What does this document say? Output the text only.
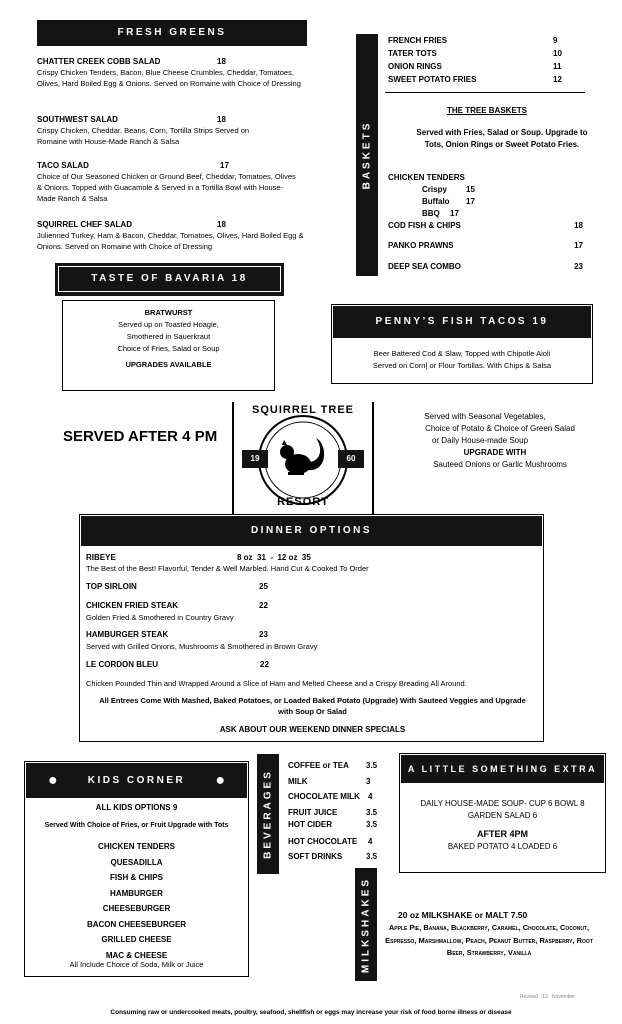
FRESH GREENS
CHATTER CREEK COBB SALAD	18
Crispy Chicken Tenders, Bacon, Blue Cheese Crumbles, Cheddar, Tomatoes, Olives, Hard Boiled Egg & Onions. Served on Romaine with Choice of Dressing
SOUTHWEST SALAD	18
Crispy Chicken, Cheddar, Beans, Corn, Tortilla Strips Served on Romaine with House-Made Ranch & Salsa
TACO SALAD	17
Choice of Our Seasoned Chicken or Ground Beef, Cheddar, Tomatoes, Olives & Onions. Topped with Guacamole & Served in a Tortilla Bowl with House-Made Ranch & Salsa
SQUIRREL CHEF SALAD	18
Julienned Turkey, Ham & Bacon, Cheddar, Tomatoes, Olives, Hard Boiled Egg & Onions. Served on Romaine with Choice of Dressing
FRENCH FRIES	9
TATER TOTS	10
ONION RINGS	11
SWEET POTATO FRIES	12
BASKETS
THE TREE BASKETS
Served with Fries, Salad or Soup. Upgrade to Tots, Onion Rings or Sweet Potato Fries.
CHICKEN TENDERS
Crispy 15
Buffalo 17
BBQ 17
COD FISH & CHIPS	18
PANKO PRAWNS	17
DEEP SEA COMBO	23
TASTE OF BAVARIA 18
BRATWURST
Served up on Toasted Hoagie,
Smothered in Sauerkraut
Choice of Fries, Salad or Soup
UPGRADES AVAILABLE
PENNY’S FISH TACOS 19
Beer Battered Cod & Slaw, Topped with Chipotle Aioli
Served on Corn| or Flour Tortillas. With Chips & Salsa
SERVED AFTER 4 PM
SQUIRREL TREE
RESORT
19	60
Served with Seasonal Vegetables,
Choice of Potato & Choice of Green Salad
or Daily House-made Soup
UPGRADE WITH
Sauteed Onions or Garlic Mushrooms
DINNER OPTIONS
RIBEYE	8 oz  31  -  12 oz  35
The Best of the Best! Flavorful, Tender & Well Marbled. Hand Cut & Cooked To Order
TOP SIRLOIN	25
CHICKEN FRIED STEAK	22
Golden Fried & Smothered in Country Gravy
HAMBURGER STEAK	23
Served with Grilled Onions, Mushrooms & Smothered in Brown Gravy
LE CORDON BLEU	22
Chicken Pounded Thin and Wrapped Around a Slice of Ham and Melted Cheese and a Crispy Breading All Around.
All Entrees Come With Mashed, Baked Potatoes, or Loaded Baked Potato (Upgrade) With Sauteed Veggies and Upgrade with Soup Or Salad
ASK ABOUT OUR WEEKEND DINNER SPECIALS
●	KIDS CORNER ●
ALL KIDS OPTIONS 9
Served With Choice of Fries, or Fruit Upgrade with Tots
CHICKEN TENDERS
QUESADILLA
FISH & CHIPS
HAMBURGER
CHEESEBURGER
BACON CHEESEBURGER
GRILLED CHEESE
MAC & CHEESE
All Include Choice of Soda, Milk or Juice
BEVERAGES
COFFEE or TEA 3.5
MILK	3
CHOCOLATE MILK 4
FRUIT JUICE	3.5
HOT CIDER	3.5
HOT CHOCOLATE 4
SOFT DRINKS	3.5
A LITTLE SOMETHING EXTRA
DAILY HOUSE-MADE SOUP- CUP 6 BOWL 8
GARDEN SALAD 6
AFTER 4PM
BAKED POTATO 4 LOADED 6
MILKSHAKES	20 oz MILKSHAKE or MALT 7.50
Apple Pie, Banana, Blackberry, Caramel, Chocolate, Coconut, Espresso, Marshmallow, Peach, Peanut Butter, Raspberry, Root Beer, Strawberry, Vanilla
Revised   13   November
Consuming raw or undercooked meats, poultry, seafood, shellfish or eggs may increase your risk of food borne illness or disease
